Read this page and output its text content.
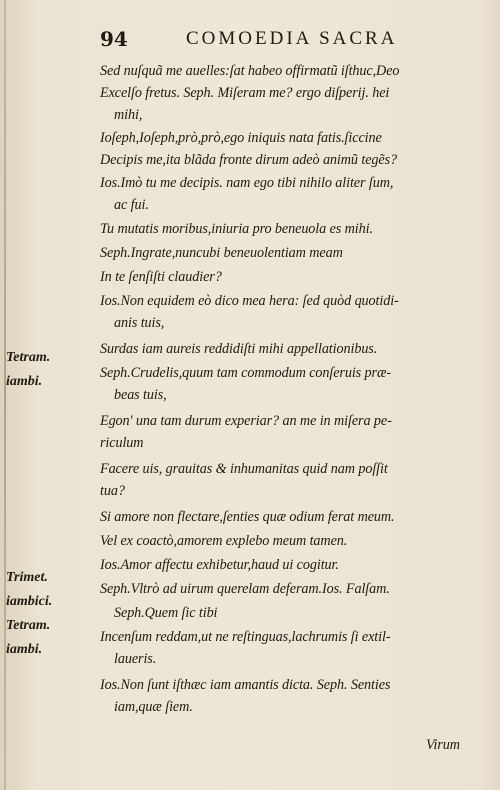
94	COMOEDIA SACRA
Tetram.
iambi.
Trimet.
iambici.
Tetram.
iambi.
Sed nuſquã me auelles:ſat habeo offirmatũ iſthuc,Deo
Excelſo fretus. Seph. Miſeram me? ergo diſperij. hei
mihi,
Ioſeph,Ioſeph,prò,prò,ego iniquis nata fatis.ſiccine
Decipis me,ita blãda fronte dirum adeò animũ tegẽs?
Ios.Imò tu me decipis. nam ego tibi nihilo aliter ſum,
ac fui.
Tu mutatis moribus,iniuria pro beneuola es mihi.
Seph.Ingrate,nuncubi beneuolentiam meam
In te ſenſiſti claudier?
Ios.Non equidem eò dico mea hera: ſed quòd quotidi-
anis tuis,
Surdas iam aureis reddidiſti mihi appellationibus.
Seph.Crudelis,quum tam commodum conſeruis præ-
beas tuis,
Egon' una tam durum experiar? an me in miſera pe-
riculum
Facere uis, grauitas & inhumanitas quid nam poſſit
tua?
Si amore non flectare,ſenties quæ odium ferat meum.
Vel ex coactò,amorem explebo meum tamen.
Ios.Amor affectu exhibetur,haud ui cogitur.
Seph.Vltrò ad uirum querelam deferam.Ios. Falſam.
Seph.Quem ſic tibi
Incenſum reddam,ut ne reſtinguas,lachrumis ſi extil-
laueris.
Ios.Non ſunt iſthæc iam amantis dicta. Seph. Senties
iam,quæ ſiem.
Virum
